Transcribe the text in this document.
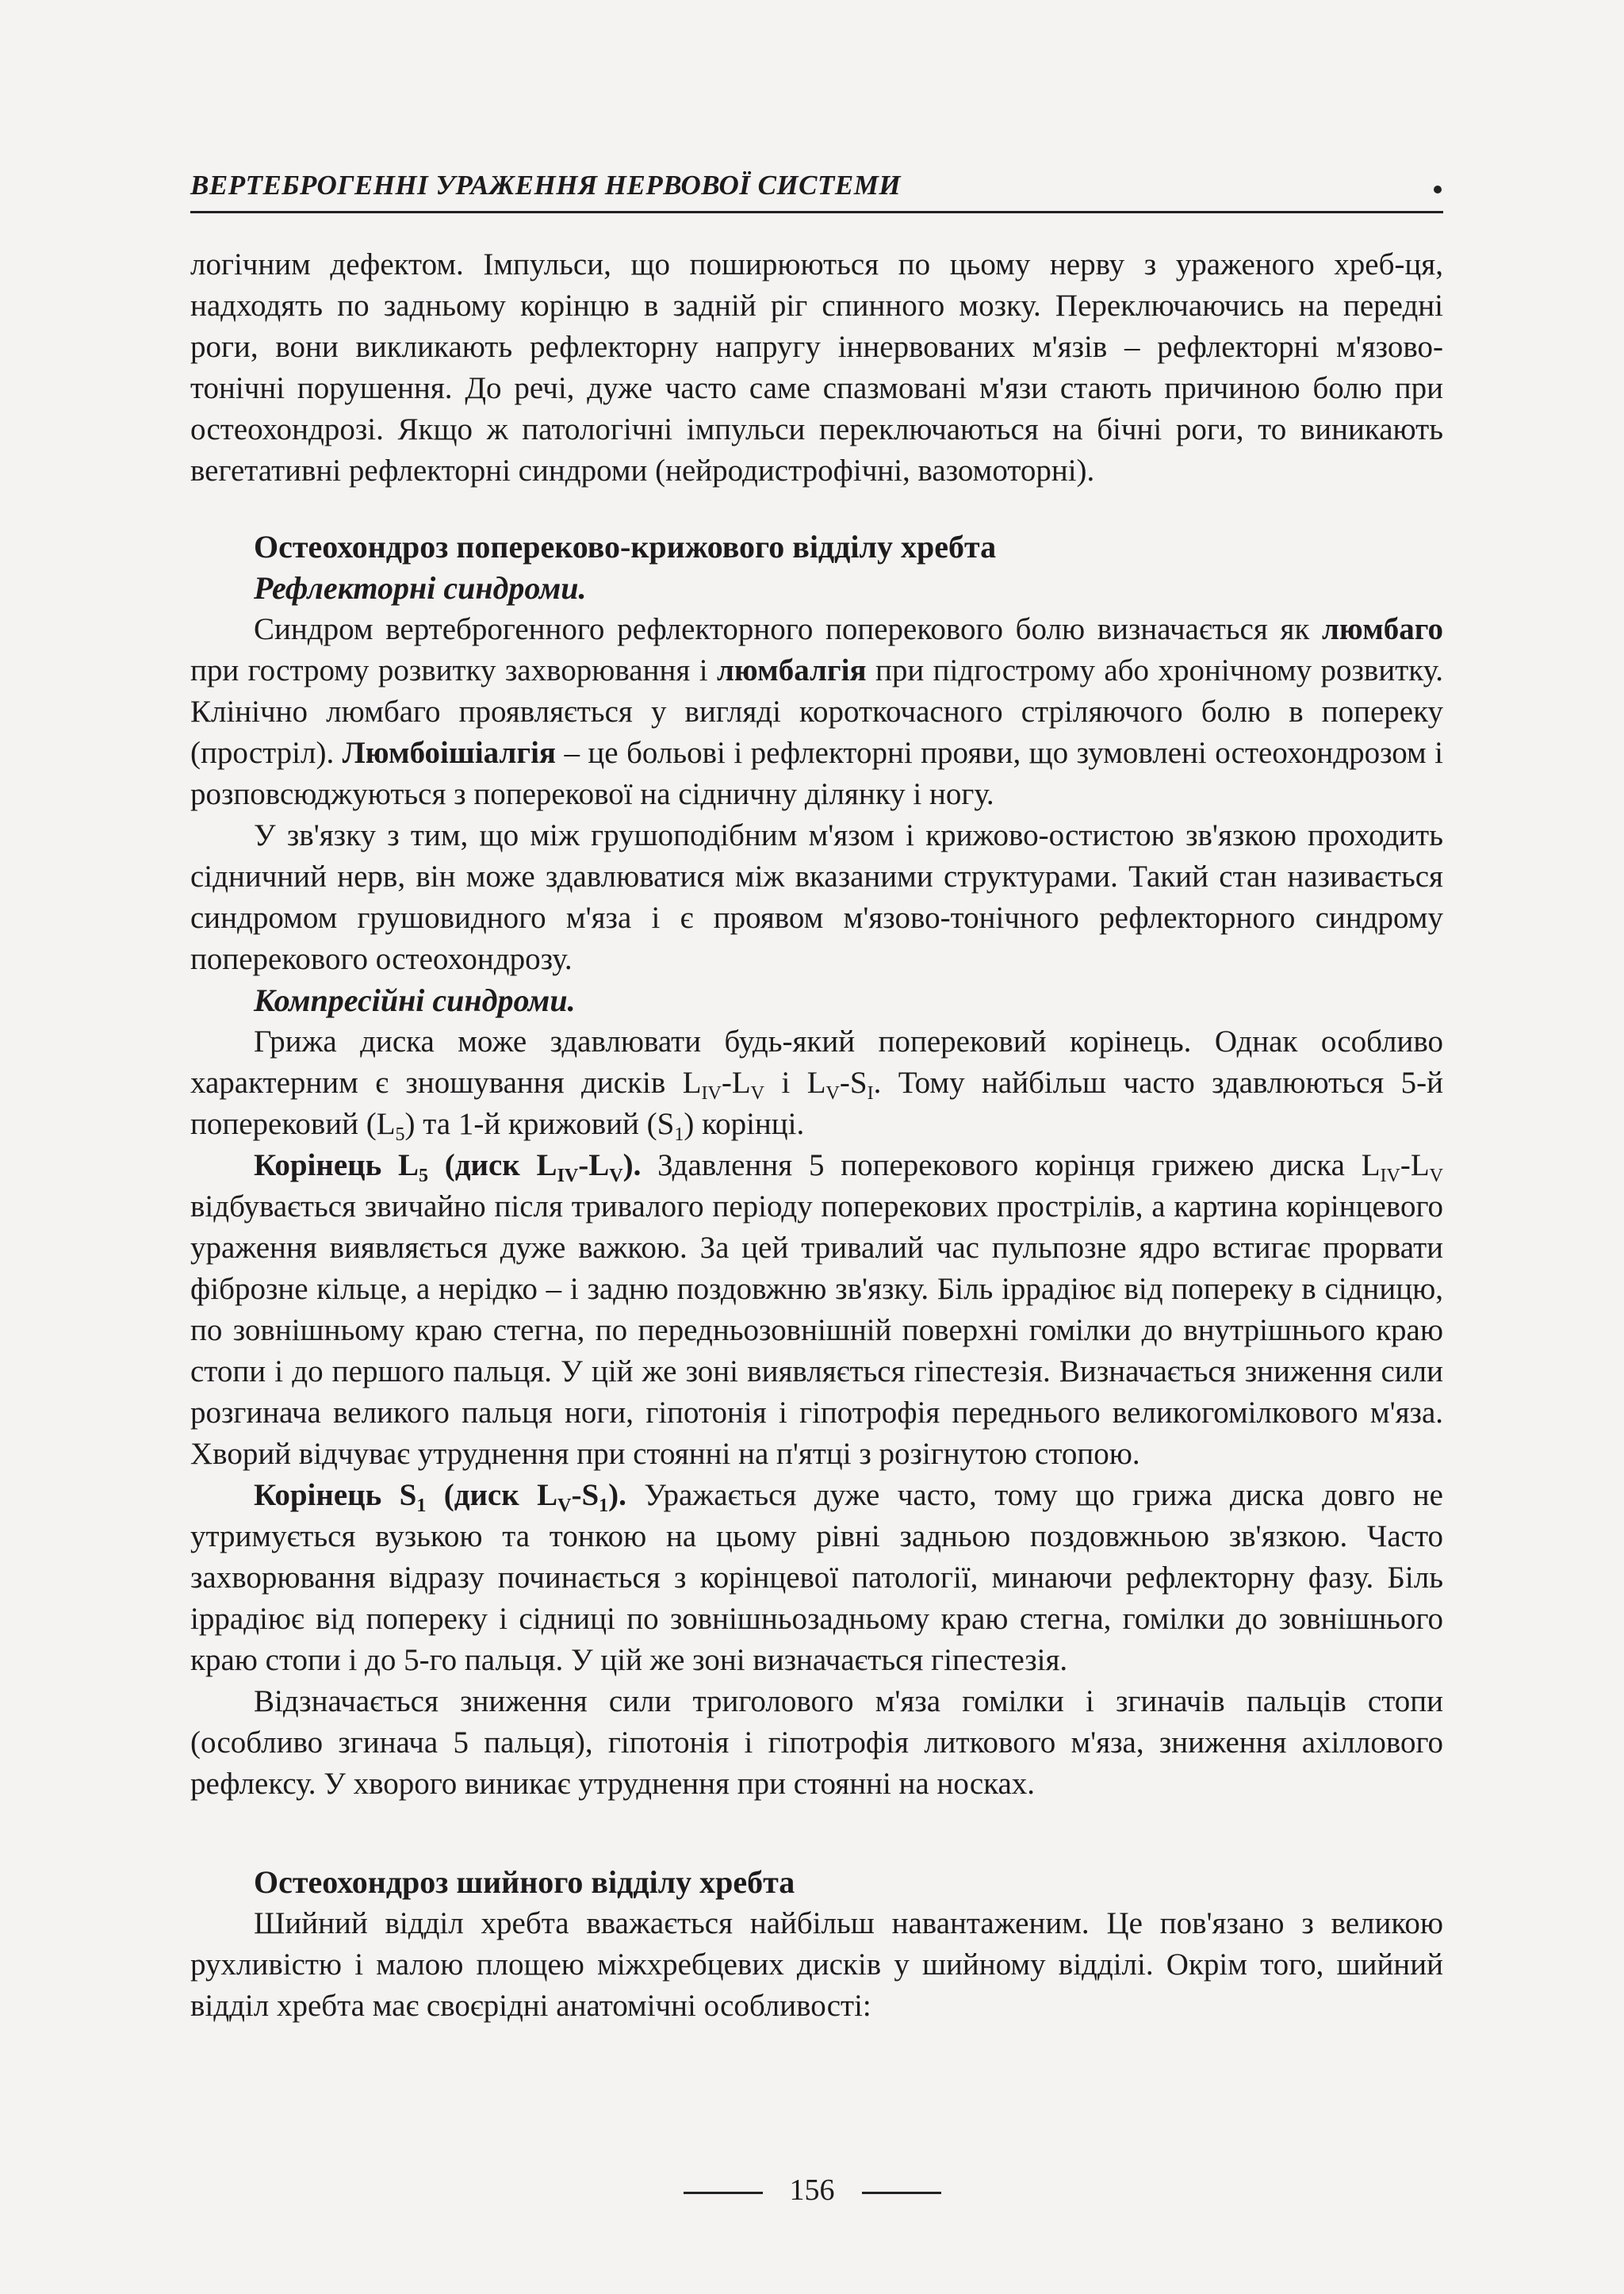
ВЕРТЕБРОГЕННІ УРАЖЕННЯ НЕРВОВОЇ СИСТЕМИ

логічним дефектом. Імпульси, що поширюються по цьому нерву з ураженого хреб-ця, надходять по задньому корінцю в задній ріг спинного мозку. Переключаючись на передні роги, вони викликають рефлекторну напругу іннервованих м'язів – рефлекторні м'язово-тонічні порушення. До речі, дуже часто саме спазмовані м'язи стають причиною болю при остеохондрозі. Якщо ж патологічні імпульси переключаються на бічні роги, то виникають вегетативні рефлекторні синдроми (нейродистрофічні, вазомоторні).

Остеохондроз попереково-крижового відділу хребта
Рефлекторні синдроми.

Синдром вертеброгенного рефлекторного поперекового болю визначається як люмбаго при гострому розвитку захворювання і люмбалгія при підгострому або хронічному розвитку. Клінічно люмбаго проявляється у вигляді короткочасного стріляючого болю в попереку (прострiл). Люмбоішіалгія – це больові і рефлекторні прояви, що зумовлені остеохондрозом і розповсюджуються з поперекової на сідничну ділянку і ногу.

У зв'язку з тим, що між грушоподібним м'язом і крижово-остистою зв'язкою проходить сідничний нерв, він може здавлюватися між вказаними структурами. Такий стан називається синдромом грушовидного м'яза і є проявом м'язово-тонічного рефлекторного синдрому поперекового остеохондрозу.

Компресійні синдроми.

Грижа диска може здавлювати будь-який поперековий корінець. Однак особливо характерним є зношування дисків $L_{IV}-L_V$ і $L_V-S_I$. Тому найбільш часто здавлюються 5-й поперековий $(L_5)$ та 1-й крижовий $(S_1)$ корінці.

Корінець $L_5$ (диск $L_{IV}-L_V$). Здавлення 5 поперекового корінця грижею диска $L_{IV}-L_V$ відбувається звичайно після тривалого періоду поперекових прострілів, а картина корінцевого ураження виявляється дуже важкою. За цей тривалий час пульпозне ядро встигає прорвати фіброзне кільце, а нерідко – і задню поздовжню зв'язку. Біль іррадіює від попереку в сідницю, по зовнішньому краю стегна, по передньозовнішній поверхні гомілки до внутрішнього краю стопи і до першого пальця. У цій же зоні виявляється гіпестезія. Визначається зниження сили розгинача великого пальця ноги, гіпотонія і гіпотрофія переднього великогомілкового м'яза. Хворий відчуває утруднення при стоянні на п'ятці з розігнутою стопою.

Корінець $S_1$ (диск $L_V-S_1$). Уражається дуже часто, тому що грижа диска довго не утримується вузькою та тонкою на цьому рівні задньою поздовжньою зв'язкою. Часто захворювання відразу починається з корінцевої патології, минаючи рефлекторну фазу. Біль іррадіює від попереку і сідниці по зовнішньозадньому краю стегна, гомілки до зовнішнього краю стопи і до 5-го пальця. У цій же зоні визначається гіпестезія.

Відзначається зниження сили триголового м'яза гомілки і згиначів пальців стопи (особливо згинача 5 пальця), гіпотонія і гіпотрофія литкового м'яза, зниження ахіллового рефлексу. У хворого виникає утруднення при стоянні на носках.

Остеохондроз шийного відділу хребта

Шийний відділ хребта вважається найбільш навантаженим. Це пов'язано з великою рухливістю і малою площею міжхребцевих дисків у шийному відділі. Окрім того, шийний відділ хребта має своєрідні анатомічні особливості:

156
